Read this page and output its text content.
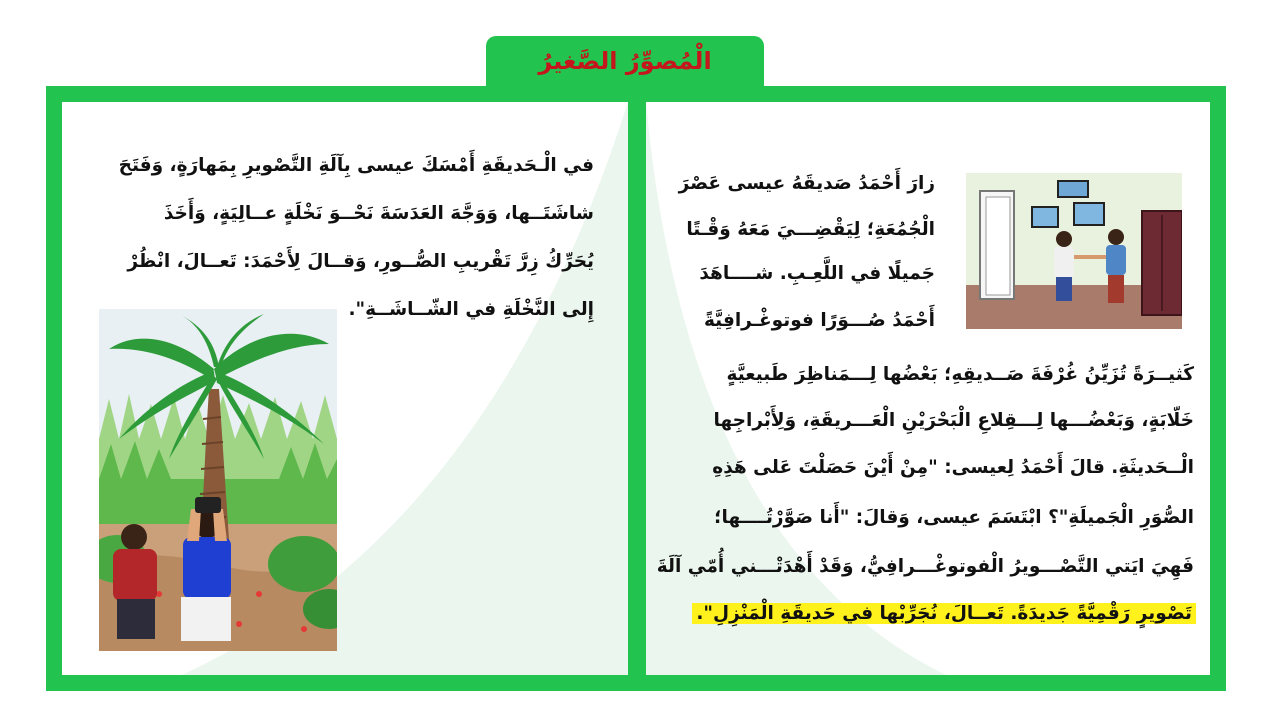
الْمُصوِّرُ الصَّغيرُ
في الْـحَديقَةِ أَمْسَكَ عيسى بِآلَةِ التَّصْويرِ بِمَهارَةٍ، وَفَتَحَ
شاشَتَــها، وَوَجَّهَ العَدَسَةَ نَحْــوَ نَخْلَةٍ عــالِيَةٍ، وَأَخَذَ
يُحَرِّكُ زِرَّ تَقْريبِ الصُّــورِ، وَقــالَ لِأَحْمَدَ: تَعــالَ، انْظُرْ
إِلى النَّخْلَةِ في الشّــاشَــةِ".
زارَ أَحْمَدُ صَديقَهُ عيسى عَصْرَ
الْجُمُعَةِ؛ لِيَقْضِـــيَ مَعَهُ وَقْـتًا
جَميلًا في اللَّعِـبِ. شــــاهَدَ
أَحْمَدُ صُـــوَرًا فوتوغْـرافِيَّةً
كَثيــرَةً تُزَيِّنُ غُرْفَةَ صَــديقِهِ؛ بَعْضُها لِـــمَناظِرَ طَبيعيَّةٍ
خَلّابَةٍ، وَبَعْضُـــها لِـــقِلاعِ الْبَحْرَيْنِ الْعَـــريقَةِ، وَلِأَبْراجِها
الْــحَديثَةِ. قالَ أَحْمَدُ لِعيسى: "مِنْ أَيْنَ حَصَلْتَ عَلى هَذِهِ
الصُّوَرِ الْجَميلَةِ"؟ ابْتَسَمَ عيسى، وَقالَ: "أَنا صَوَّرْتُــــها؛
فَهِيَ ايَتي التَّصْـــويرُ الْفوتوغْـــرافِيُّ، وَقَدْ أَهْدَتْـــني أُمّي آلَةَ
تَصْويرٍ رَقْمِيَّةً جَديدَةً. تَعــالَ، نُجَرِّبْها في حَديقَةِ الْمَنْزِلِ".
